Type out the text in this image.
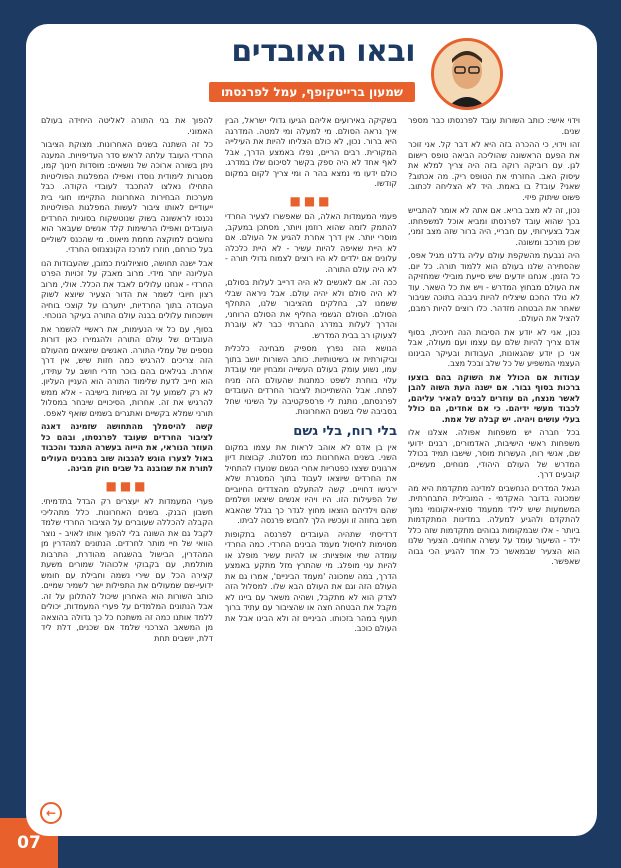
07
ובאו האובדים
שמעון ברייטקופף, עמל לפרנסתו

וידוי אישי: כותב השורות עובד לפרנסתו כבר מספר שנים.

זהו וידוי, כי ההכרה בזה היא לא דבר קל. אני זוכר את הפעם הראשונה שהוליכה הביאה טופס רישום לגן. עם רוביקה רוקה בזה היה צריך למלא את עיסוק האב. החזרתי את הטופס ריק. מה אכתוב? שאני? עובד? בו באמת. היד לא הצליחה לכתוב. פשוט שיתוק פיזי.

נכון, זה לא מצב בריא. אם אתה לא אומר להתבייש בכך שהוא עובד לפרנסתו ומביא אוכל למשפחתו. אבל בצעירותי, עם חבריי, היה ברור שזה מצב זמני, שכן מורכב ומשונה.

היה נגבעת מהשקפת עולם עליה גדלנו מגיל אפס, שהסתירה שלנו בעולם הוא ללמוד תורה. כל יום. כל הזמן. אנחנו יודעים שיש סייעת מובילי שמחזיקה את העולם מבחוץ המדרש - ויש את כל השאר. עוד לא נולד החכם שיצליח להיות גיבבה בתוכה שגיבור שאחר את הבטחה מזדהר. כלו רוצים להיות רמבם, להציל את העולם.

נכון, אני לא יודע את הסיבות הנה חינכית, בסוף אדם צריך להיות שלם עם עצמו ועם מעולה, אבל אני כן יודע שהגאונות, העבודות ובעיקר הבינונו העצמי המשפיע של כל שלב ובכל מצב.

עבודות אם הכולל את השוקה בהם בוצעו ברכות בסוף גבור. אם ישנה העת השוה להבן לאשר מנצח, הם עוזרים לבנים להאיר עליהם, לכבוד מעשי ידיהם. כי אם אחדים, הם כולל בעלי עושים ויהיה. יש קבלה של אמת.

בכל חברה יש משפחות אפולה. אצלנו אלו משפחות ראשי הישיבות, האדמורים, רבנים ידועי שם, אנשי רוח, העשרות מוסר, שישבו תמיד בכולל המדרש של העולם היהודי, מנוחים, מעשיים, קובעים דרך.

הגאל המדרים הנחשבים למדינה מתקדמת היא מה שמכונה בדובר האקדמי - המובילית התבחרתית. המשמעות שיש לילד ממעמד סוציו-אקונומי נמוך להתקדם ולהגיע למעלה. במדינות המתקדמות ביותר - אלו שבמקומות גבוהים מתקדמות שזה כלל ילד - השיעור עומד על עשרה אחוזים. הצעיר שלנו הוא הצעיר שבמאשר כל אחד להגיע הכי גבוה שאפשר.

בשקיקה באירועים אליהם הגיעו גדולי ישראל, הבין איך נראה הסולם. מי למעלה ומי למטה. המדרגה היא ברור. נכון, לא כולם הצליחו להיות את העילייה המקורית. רבים הריים, נפלו באמצע הדרך, אבל לאף אחד לא היה ספק בקשר לסיכום שלו במדרג. כולם ידעו מי נמצא בהר ה ומי צריך לקום במקום קודשו.

■■■

פעמי המעמדות האלה, הם שאפשרו לצעיר החרדי להתמק לזמה שהוא רוזמן ויותר, מסתכן במעקב, מוסרי יותר. אין דרך אחרת להגיע אל העולם. אם לא היית שאיפה להיות עשיר - לא היית כלכלה עלונים אם ילדים לא היו רוצים לצמוח גדולי תורה - לא היה עולם התורה.

ככה זה. אם לאנשים לא היה דרייב לעלות בסולם, לא היה סולם ולא יהיה עולם. אבל ניראה שבלי ששמנו לב, בחלקים מהציבור שלנו, התחלף הסולם. הסולם הגשמי החליף את הסולם הרוחני, והדרך לעלות במדרג החברתי כבר לא עוברת לצעוקו רב בבית המדרש.

הנושא הזה נפרץ מספיק מבחינה כלכלית וביקורתית או בשיטותיות. כותב השורות יושב בתוך עמו, נשוע עומק בעולם העשייה ומבחין יומי עובדת עלוי בוחרת לשפט כמתנות שהעולם הזה מניח לפתח. אבל ההשתייכות לציבור החרדים העובדים לפרנסתם, נותנת לי פרספקטיבה על השינוי שחל בסביבה שלי בשנים האחרונות.

בלי רוח, בלי גשם

אין בן אדם לא אוהב לראות את עצמו במקום השני. בשנים האחרונות כמו מסלנות. קבוצות דיון ארגונים שצצו כפטריות אחרי הגשם שנועדו להתחיל את החרדים שיוצאו לעבוד בתוך המסגרת שלא ירגישו דחויים. קשה להתעלם מהצדדים החיוביים של הפעילות הזו. היו ויהיו אנשים שיצאו ושלמים שהם וילדיהם הוצאו מחוץ לגדר כך בגלל שהאבא חשב בחוזה זו ועכשיו הלך לחבוש פרנסה לביתו.

דרדיסתי שתהיה העובדים לפרנסה בתקופות מסוימות לחיסול מעמד הבינים החרדי. כמה החרדי עומדה שתי אופציות: או להיות עשיר מופלג או להיות עני מופלג. מי שהתרץ מזל מתקע באמצע הדרך, במה שמכונה 'מעמד הביניים', אמרו גם את העולם הזה וגם את העולם הבא שלו. למסלול הזה לצדק הוא לא מתקבל, ושהיה משאר עם ביינו לא מקבל את הבטחה חצה או שהציבור עם עתיד ברוך תעוף במהר בזכותו. הביניים זה ולא הבינו אבל את העולם כוכב.

להפוך את בני התורה לאליטה היחידה בעולם האמוני.

כל זה השתנה בשנים האחרונות. מצוקת הציבור החרדי העובד עלתה לראש סדר העדיפויות. המענה ניתן בשורה ארוכה של נושאים: מוסדות חינוך קמו, מסגרות לימודית נוסדו ואפילו המפלגות הפוליטיות התחילו נאלצו להתכבד לעובדי הקודה. כבל מערכות הבחירות האחרונות התקיימו חוגי בית ייעודיים לאותו ציבור לעשות המפלגות הפוליטיות נכנסו לראשונה בשוק שנוטשקוח בסוגיות החרדים העובדים ואפילו הרשימות קלד אנשים שעבאר הוא נחשבים למוקצה מחמת מיאוס. מי שהכנס לשוליים בעל כורחם, חוזרו למרכז הקונצנזוס החרדי.

אבל ישנה תחושה, סוציולוגית כמובן, שהעבודות הנו העליונה יותר מידי. מרוב מאבק על זכויות הפרט החרדי - אנחנו עלולים לאבד את הכלל. אולי, מרוב רצון חיובי לשמר את הדור הצעיר שיוצא לשוק העבודה בתוך החרדיות, יתערבו על קוצכי בוחיה ויושכחות עלולים בבנה עולם התורה בעיקר הנוכחי.

בסוף, עם כל אי הנעימות, את ראשיי להשמר את העובדים של עולם התורה ולהגמירו כאן דורות נוספים של עמלי התורה. האנשים שיוצאים מהעולם הזה צריכים להרגיש כמה חזות שיש, אין דרך אחרת. בגילאים בהם בוכר חדרי חושב על עתידו, הוא חייב לדעת שלימוד התורה הוא העניין העליון. לא רק לשמוע על זה בשיחות בישיבה - אלא ממש להרגיש את זה. אחרות, הסיכויים שיבחר במסלול תורני שמלא בקשיים ואתגרים בשמים שואף לאפס.

קשה להיסמלך מהתחושה שזמינה דאגה לציבור החרדים שעובד לפרנסתו, ובהם כל העוזר הנוראי, את הייוה בעשרה התנגד והכבוד באול לצערו הוגש להגבוה שוב במבנים העולים לתורת את שגובנה בל שבים חוק מבינה.

■■■

פערי המעמדות לא יעצרים רק הבדל בתדמיתי. חשבון הבנק. בשנים האחרונות. כלל מתהליכי הקבלה להכללה שעוברים על הציבור החרדי שלמד לקבל גם את השונה בלי להפוך אותו לאויב - נוצר הוואי של חיי מותר לחרדים. הנתונים למהדרין מן המהדרין, הבישול בהשגחה מהודרת, התרבות מותלמת, עם בקבוקי אלכוהול שמורים משעת קצירה הכל עם שירי נשמה וחבילת עם חומש ידועי-שם שמעולים את התפילות ישר לשמיר שמיים. כותב השורות הוא האחרון שיכול להתלונן על זה. אבל הנתונים המלמדים על פערי המעמדות, יכולים ללמד אותנו כמה זה משתכח כל כך גדולה בהוצאה מן המשאב הצרכני שלמד אם שכנים, דלת ליד דלת, יושבים תחת

←
